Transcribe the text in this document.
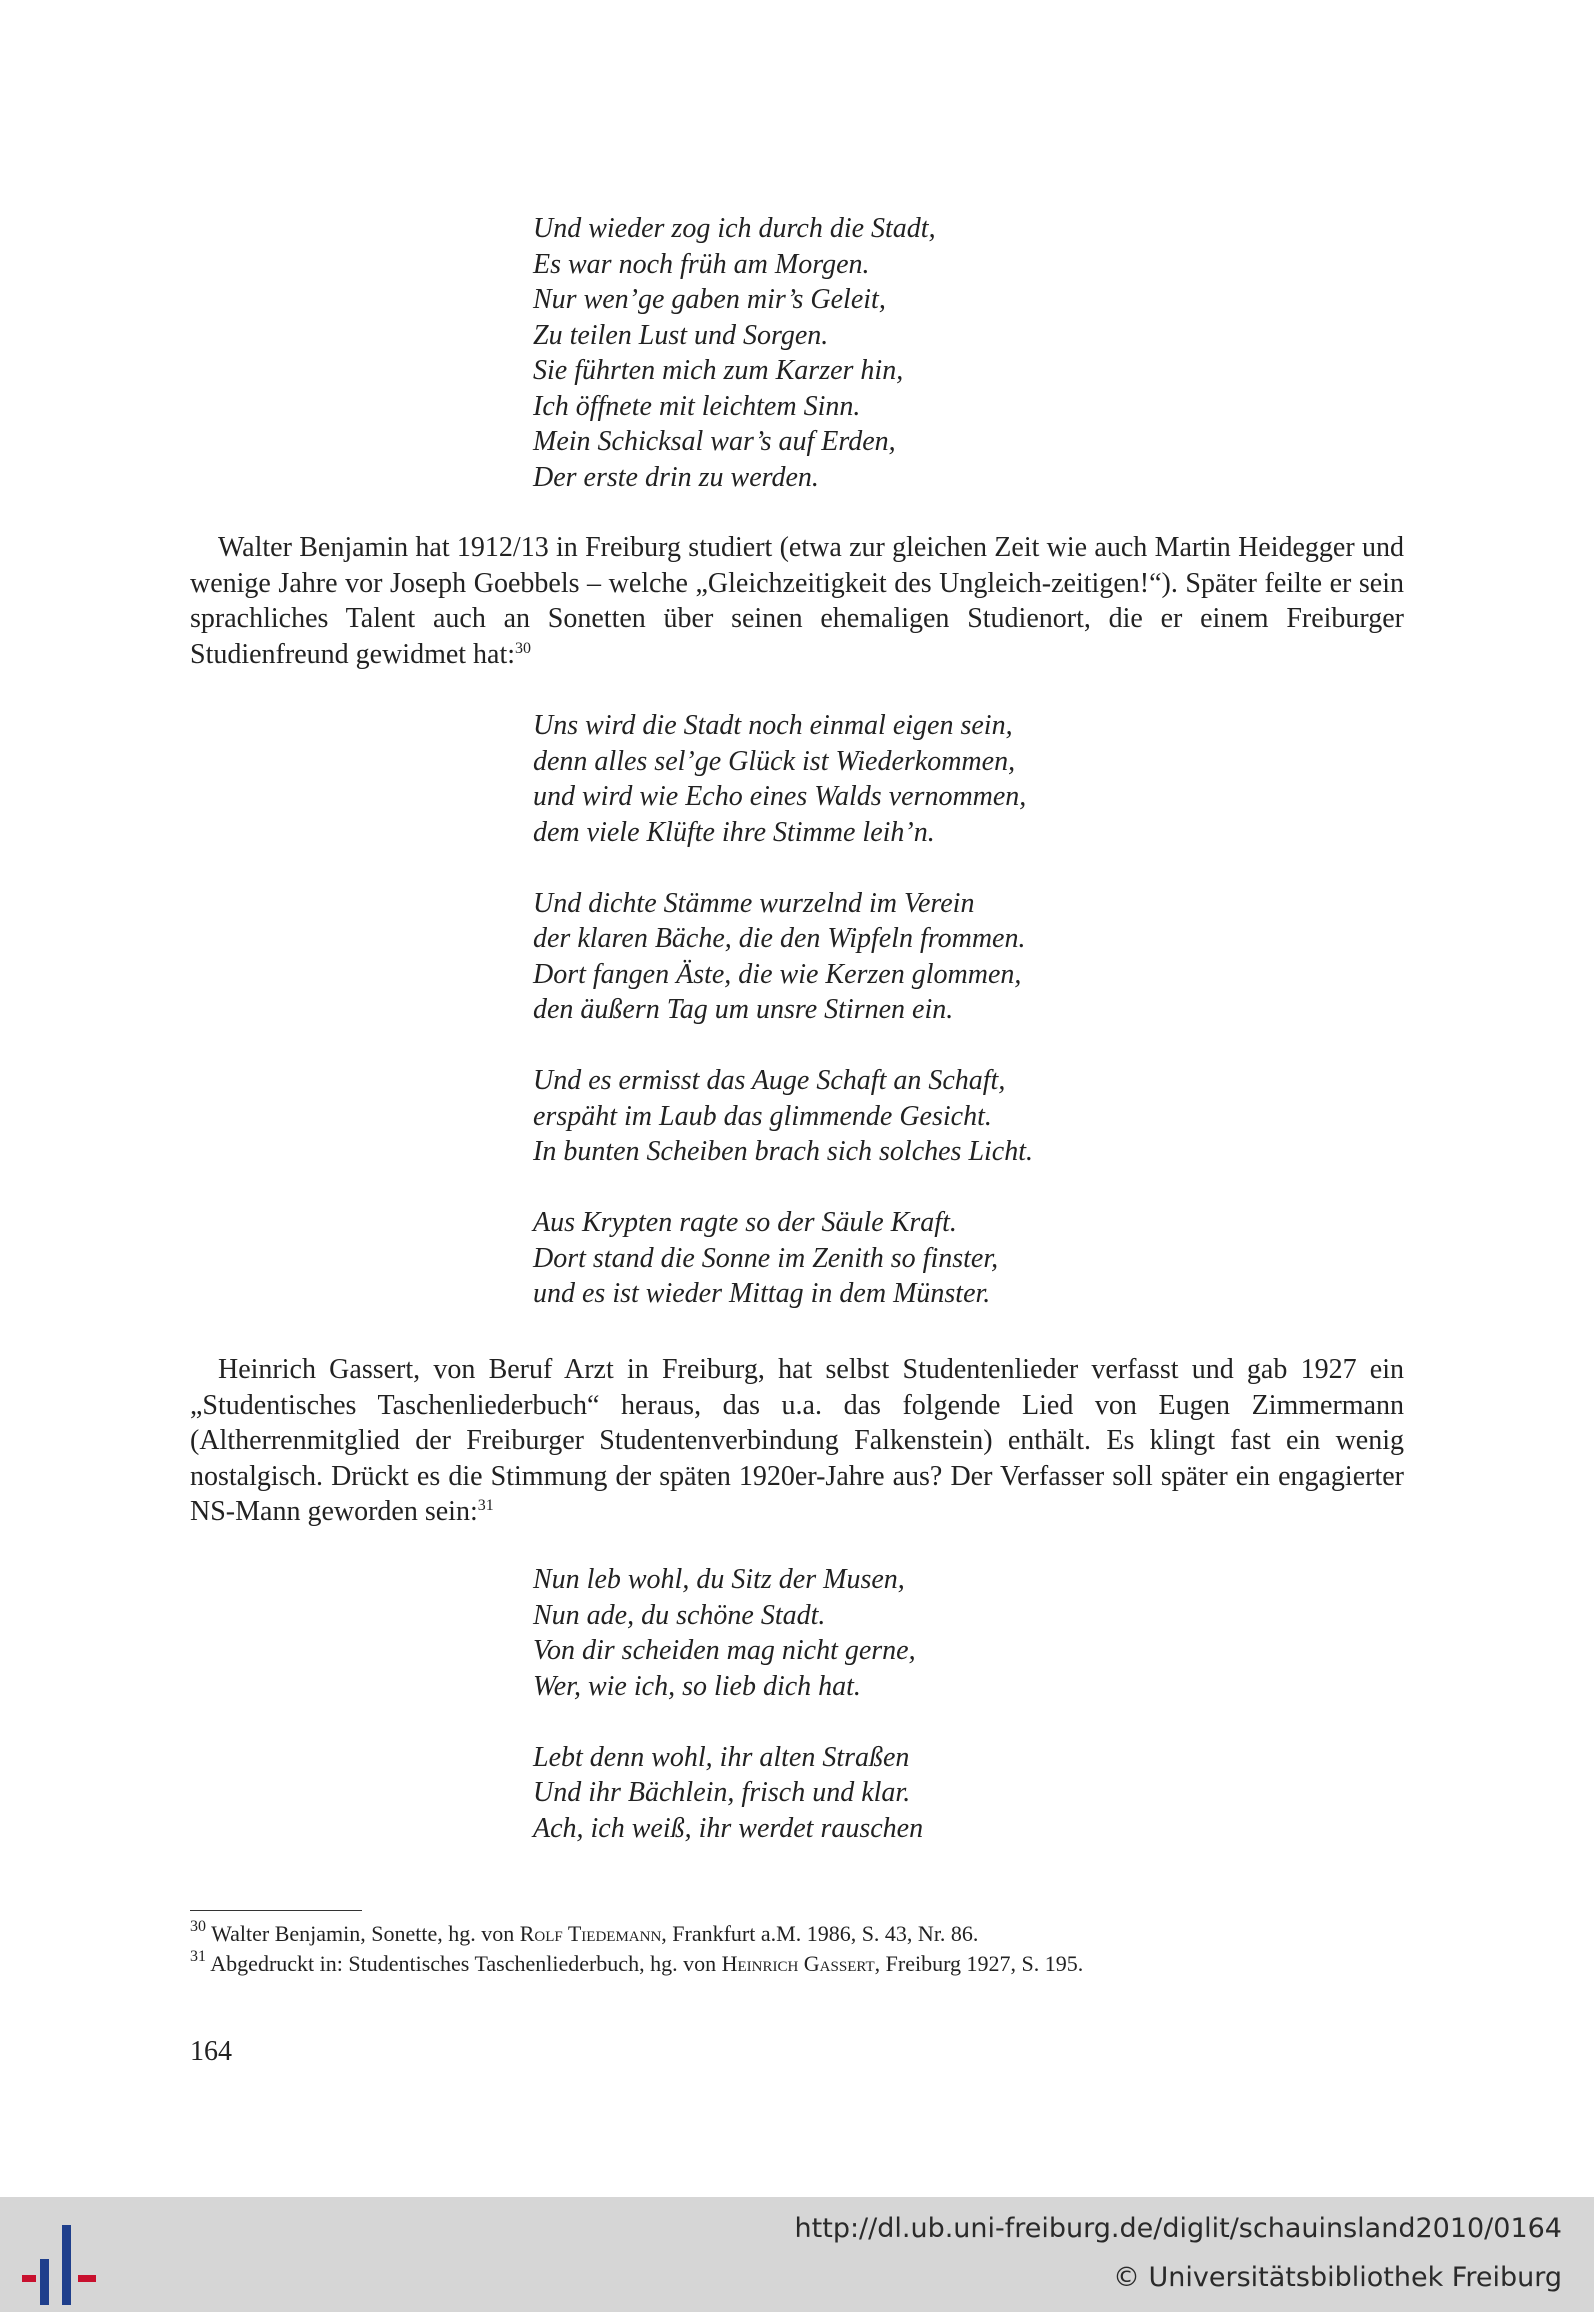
Und wieder zog ich durch die Stadt,
Es war noch früh am Morgen.
Nur wen’ge gaben mir’s Geleit,
Zu teilen Lust und Sorgen.
Sie führten mich zum Karzer hin,
Ich öffnete mit leichtem Sinn.
Mein Schicksal war’s auf Erden,
Der erste drin zu werden.

Walter Benjamin hat 1912/13 in Freiburg studiert (etwa zur gleichen Zeit wie auch Martin Heidegger und wenige Jahre vor Joseph Goebbels – welche „Gleichzeitigkeit des Ungleich-zeitigen!“). Später feilte er sein sprachliches Talent auch an Sonetten über seinen ehemaligen Studienort, die er einem Freiburger Studienfreund gewidmet hat:$^{30}$

Uns wird die Stadt noch einmal eigen sein,
denn alles sel’ge Glück ist Wiederkommen,
und wird wie Echo eines Walds vernommen,
dem viele Klüfte ihre Stimme leih’n.
Und dichte Stämme wurzelnd im Verein
der klaren Bäche, die den Wipfeln frommen.
Dort fangen Äste, die wie Kerzen glommen,
den äußern Tag um unsre Stirnen ein.
Und es ermisst das Auge Schaft an Schaft,
erspäht im Laub das glimmende Gesicht.
In bunten Scheiben brach sich solches Licht.
Aus Krypten ragte so der Säule Kraft.
Dort stand die Sonne im Zenith so finster,
und es ist wieder Mittag in dem Münster.

Heinrich Gassert, von Beruf Arzt in Freiburg, hat selbst Studentenlieder verfasst und gab 1927 ein „Studentisches Taschenliederbuch“ heraus, das u.a. das folgende Lied von Eugen Zimmermann (Altherrenmitglied der Freiburger Studentenverbindung Falkenstein) enthält. Es klingt fast ein wenig nostalgisch. Drückt es die Stimmung der späten 1920er-Jahre aus? Der Verfasser soll später ein engagierter NS-Mann geworden sein:$^{31}$

Nun leb wohl, du Sitz der Musen,
Nun ade, du schöne Stadt.
Von dir scheiden mag nicht gerne,
Wer, wie ich, so lieb dich hat.
Lebt denn wohl, ihr alten Straßen
Und ihr Bächlein, frisch und klar.
Ach, ich weiß, ihr werdet rauschen

$^{30}$ Walter Benjamin, Sonette, hg. von Rolf Tiedemann, Frankfurt a.M. 1986, S. 43, Nr. 86.

$^{31}$ Abgedruckt in: Studentisches Taschenliederbuch, hg. von Heinrich Gassert, Freiburg 1927, S. 195.

164
http://dl.ub.uni-freiburg.de/diglit/schauinsland2010/0164
© Universitätsbibliothek Freiburg
